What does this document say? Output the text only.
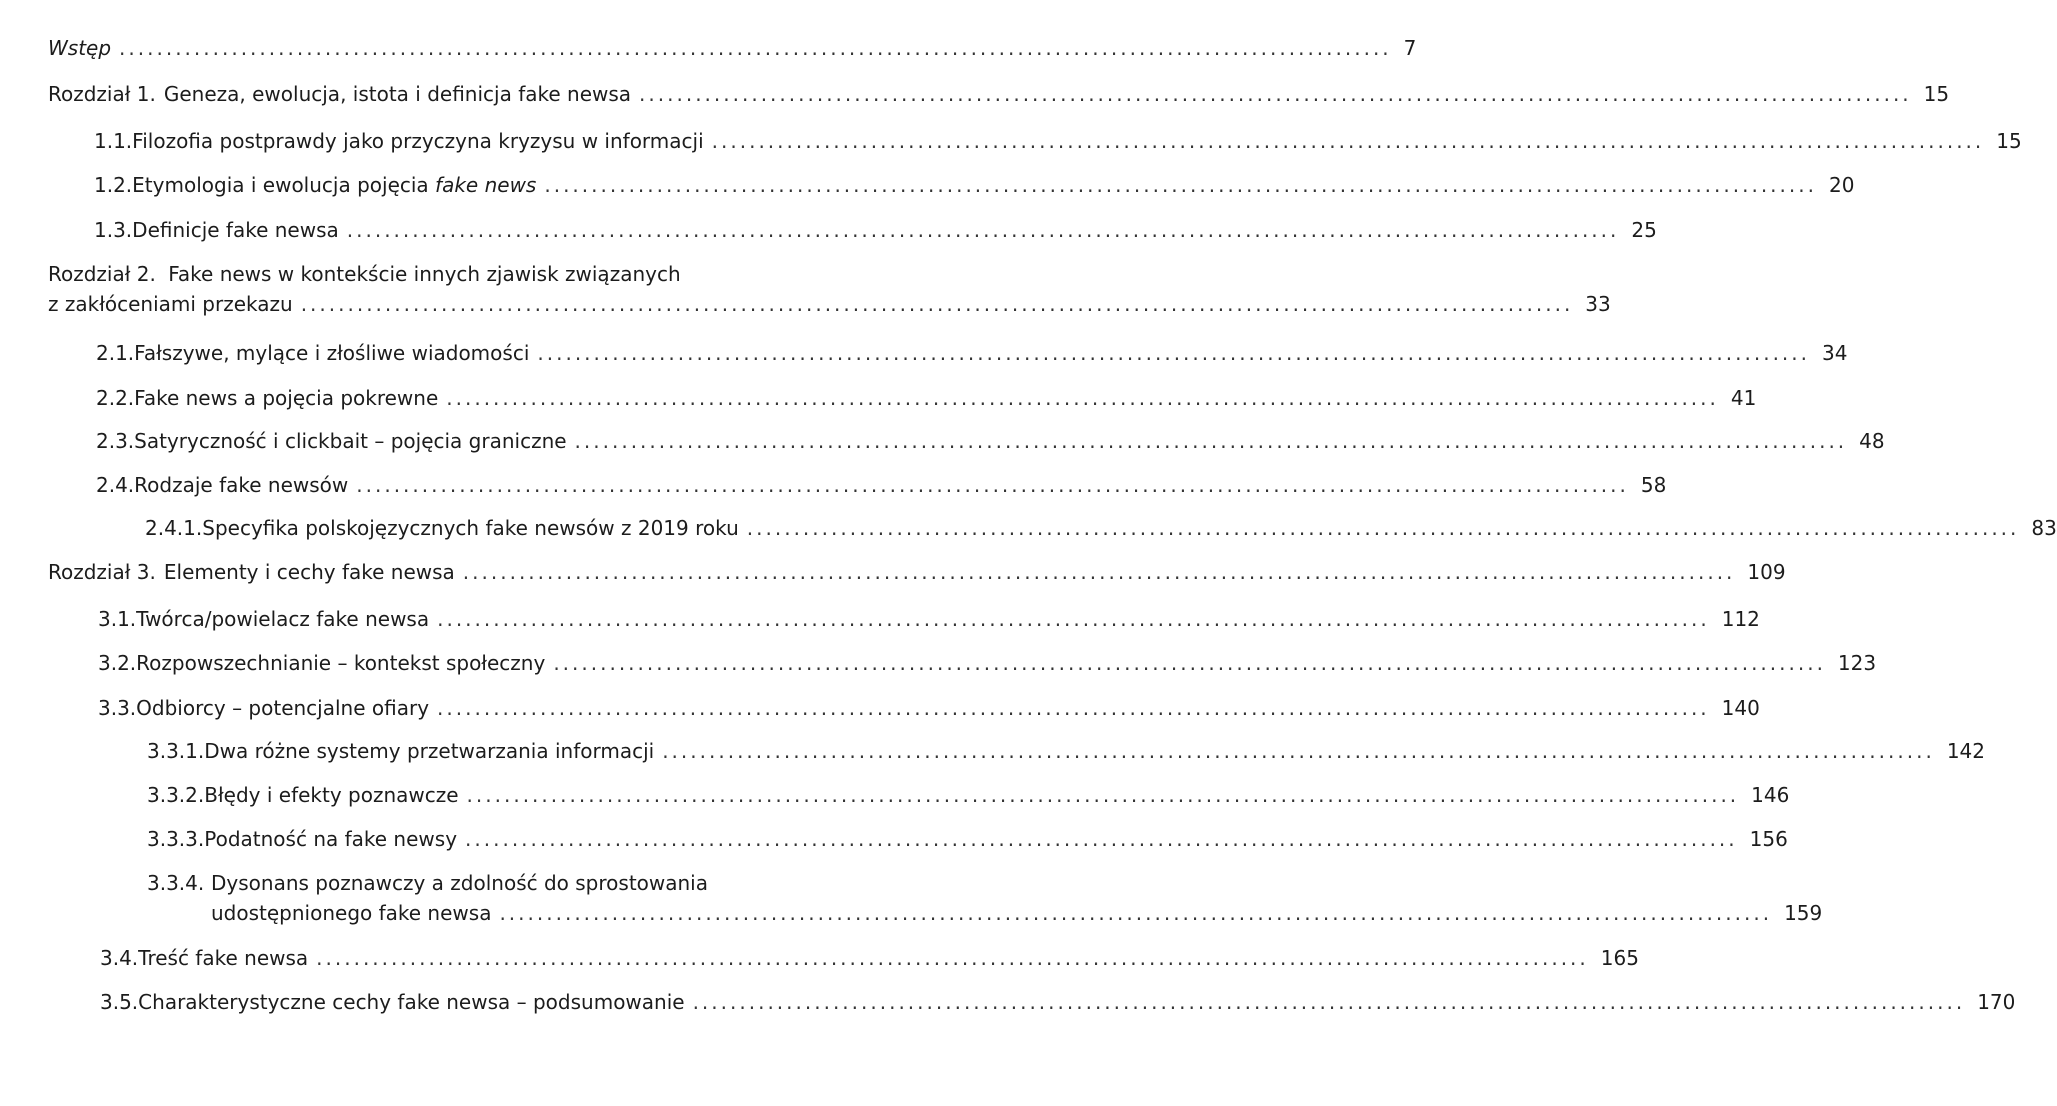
Wstęp ........................................................................................................................................ 7
Rozdział 1. Geneza, ewolucja, istota i definicja fake newsa ........................................................................................................................................ 15
1.1. Filozofia postprawdy jako przyczyna kryzysu w informacji ........................................................................................................................................ 15
1.2. Etymologia i ewolucja pojęcia fake news ........................................................................................................................................ 20
1.3. Definicje fake newsa ........................................................................................................................................ 25
Rozdział 2. Fake news w kontekście innych zjawisk związanych
z zakłóceniami przekazu ........................................................................................................................................ 33
2.1. Fałszywe, mylące i złośliwe wiadomości ........................................................................................................................................ 34
2.2. Fake news a pojęcia pokrewne ........................................................................................................................................ 41
2.3. Satyryczność i clickbait – pojęcia graniczne ........................................................................................................................................ 48
2.4. Rodzaje fake newsów ........................................................................................................................................ 58
2.4.1. Specyfika polskojęzycznych fake newsów z 2019 roku ........................................................................................................................................ 83
Rozdział 3. Elementy i cechy fake newsa ........................................................................................................................................ 109
3.1. Twórca/powielacz fake newsa ........................................................................................................................................ 112
3.2. Rozpowszechnianie – kontekst społeczny ........................................................................................................................................ 123
3.3. Odbiorcy – potencjalne ofiary ........................................................................................................................................ 140
3.3.1. Dwa różne systemy przetwarzania informacji ........................................................................................................................................ 142
3.3.2. Błędy i efekty poznawcze ........................................................................................................................................ 146
3.3.3. Podatność na fake newsy ........................................................................................................................................ 156
3.3.4. Dysonans poznawczy a zdolność do sprostowania
udostępnionego fake newsa ........................................................................................................................................ 159
3.4. Treść fake newsa ........................................................................................................................................ 165
3.5. Charakterystyczne cechy fake newsa – podsumowanie ........................................................................................................................................ 170
